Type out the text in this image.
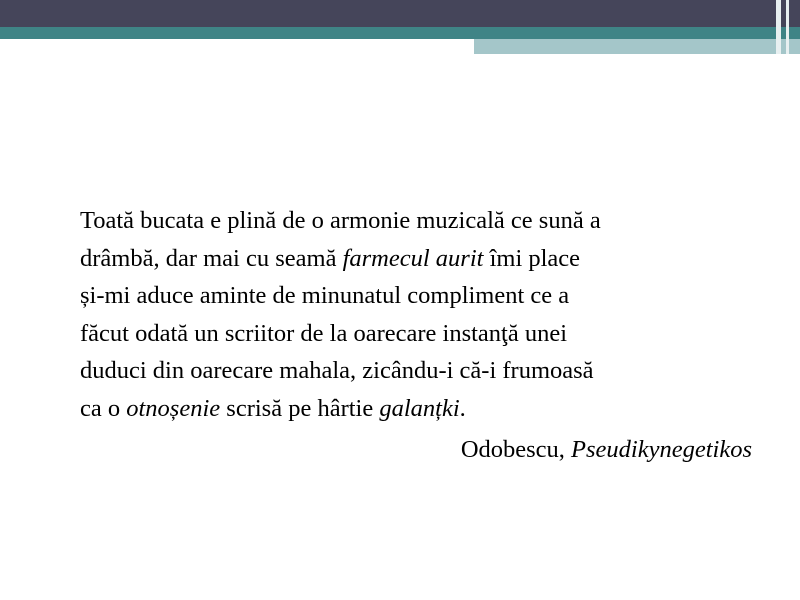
Toată bucata e plină de o armonie muzicală ce sună a
drâmbă, dar mai cu seamă farmecul aurit îmi place
și-mi aduce aminte de minunatul compliment ce a
făcut odată un scriitor de la oarecare instanţă unei
duduci din oarecare mahala, zicându-i că-i frumoasă
ca o otnoșenie scrisă pe hârtie galanțki.

Odobescu, Pseudikynegetikos
